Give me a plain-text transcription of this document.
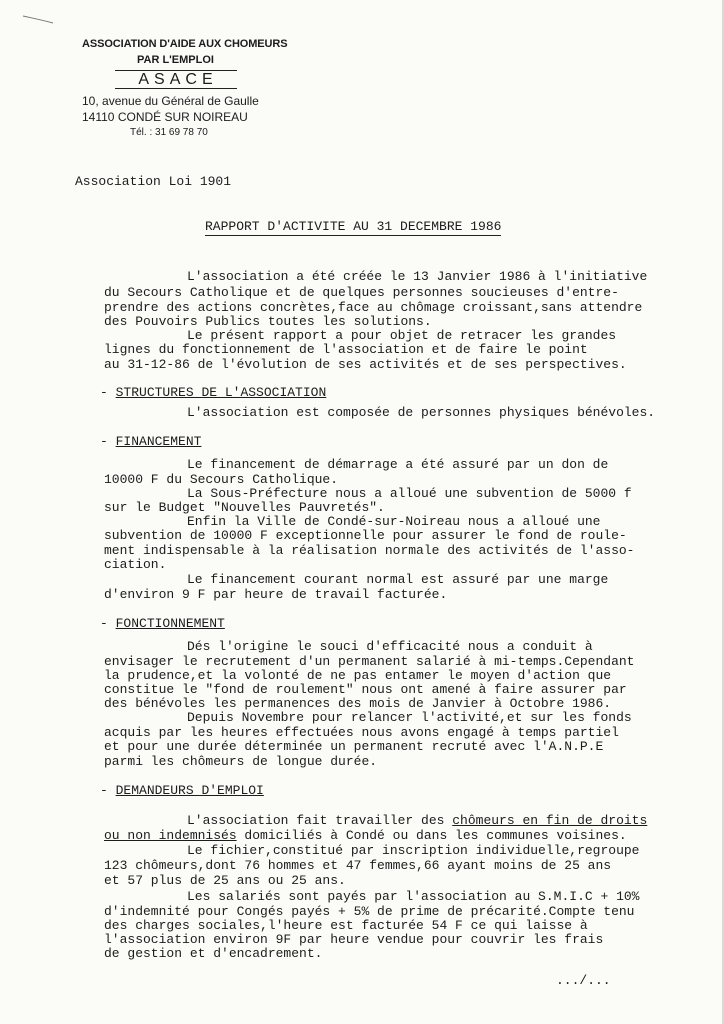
ASSOCIATION D'AIDE AUX CHOMEURS
PAR L'EMPLOI
ASACE
10, avenue du Général de Gaulle
14110 CONDÉ SUR NOIREAU
Tél. : 31 69 78 70
Association Loi 1901
RAPPORT D'ACTIVITE AU 31 DECEMBRE 1986
L'association a été créée le 13 Janvier 1986 à l'initiative
du Secours Catholique et de quelques personnes soucieuses d'entre-
prendre des actions concrètes,face au chômage croissant,sans attendre
des Pouvoirs Publics toutes les solutions.
Le présent rapport a pour objet de retracer les grandes
lignes du fonctionnement de l'association et de faire le point
au 31-12-86 de l'évolution de ses activités et de ses perspectives.
- STRUCTURES DE L'ASSOCIATION
L'association est composée de personnes physiques bénévoles.
- FINANCEMENT
Le financement de démarrage a été assuré par un don de
10000 F du Secours Catholique.
La Sous-Préfecture nous a alloué une subvention de 5000 f
sur le Budget "Nouvelles Pauvretés".
Enfin la Ville de Condé-sur-Noireau nous a alloué une
subvention de 10000 F exceptionnelle pour assurer le fond de roule-
ment indispensable à la réalisation normale des activités de l'asso-
ciation.
Le financement courant normal est assuré par une marge
d'environ 9 F par heure de travail facturée.
- FONCTIONNEMENT
Dés l'origine le souci d'efficacité nous a conduit à
envisager le recrutement d'un permanent salarié à mi-temps.Cependant
la prudence,et la volonté de ne pas entamer le moyen d'action que
constitue le "fond de roulement" nous ont amené à faire assurer par
des bénévoles les permanences des mois de Janvier à Octobre 1986.
Depuis Novembre pour relancer l'activité,et sur les fonds
acquis par les heures effectuées nous avons engagé à temps partiel
et pour une durée déterminée un permanent recruté avec l'A.N.P.E
parmi les chômeurs de longue durée.
- DEMANDEURS D'EMPLOI
L'association fait travailler des chômeurs en fin de droits
ou non indemnisés domiciliés à Condé ou dans les communes voisines.
Le fichier,constitué par inscription individuelle,regroupe
123 chômeurs,dont 76 hommes et 47 femmes,66 ayant moins de 25 ans
et 57 plus de 25 ans ou 25 ans.
Les salariés sont payés par l'association au S.M.I.C + 10%
d'indemnité pour Congés payés + 5% de prime de précarité.Compte tenu
des charges sociales,l'heure est facturée 54 F ce qui laisse à
l'association environ 9F par heure vendue pour couvrir les frais
de gestion et d'encadrement.
.../...
